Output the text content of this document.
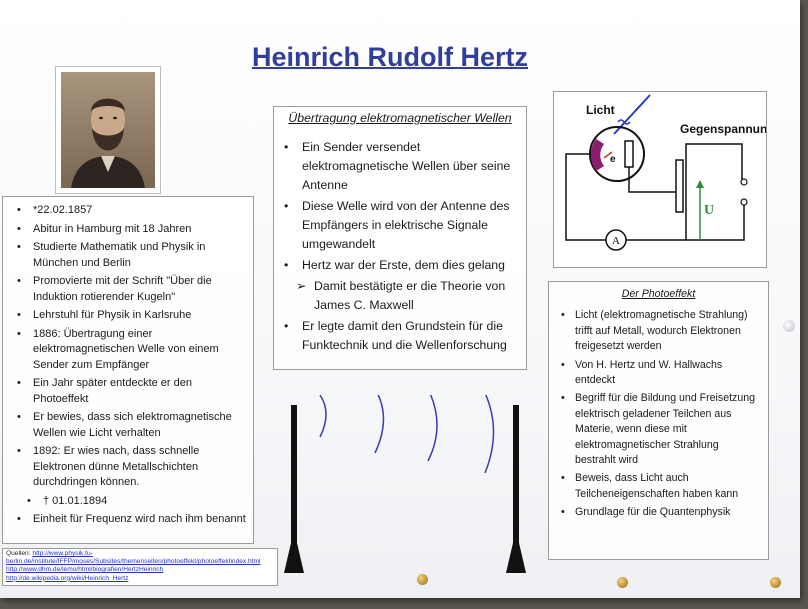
Heinrich Rudolf Hertz
• *22.02.1857
• Abitur in Hamburg mit 18 Jahren
• Studierte Mathematik und Physik in München und Berlin
• Promovierte mit der Schrift "Über die Induktion rotierender Kugeln"
• Lehrstuhl für Physik in Karlsruhe
• 1886: Übertragung einer elektromagnetischen Welle von einem Sender zum Empfänger
• Ein Jahr später entdeckte er den Photoeffekt
• Er bewies, dass sich elektromagnetische Wellen wie Licht verhalten
• 1892: Er wies nach, dass schnelle Elektronen dünne Metallschichten durchdringen können.
• † 01.01.1894
• Einheit für Frequenz wird nach ihm benannt
Übertragung elektromagnetischer Wellen
• Ein Sender versendet elektromagnetische Wellen über seine Antenne
• Diese Welle wird von der Antenne des Empfängers in elektrische Signale umgewandelt
• Hertz war der Erste, dem dies gelang
➢ Damit bestätigte er die Theorie von James C. Maxwell
• Er legte damit den Grundstein für die Funktechnik und die Wellenforschung
Licht
Gegenspannun
e
A
U
Der Photoeffekt
• Licht (elektromagnetische Strahlung) trifft auf Metall, wodurch Elektronen freigesetzt werden
• Von H. Hertz und W. Hallwachs entdeckt
• Begriff für die Bildung und Freisetzung elektrisch geladener Teilchen aus Materie, wenn diese mit elektromagnetischer Strahlung bestrahlt wird
• Beweis, dass Licht auch Teilcheneigenschaften haben kann
• Grundlage für die Quantenphysik
Quellen: http://www.physik.tu-berlin.de/institute/IFFP/moses/Subsites/themenseiten/photoeffekt/photoeffektindex.html
http://www.dhm.de/lemo/html/biografien/HertzHeinrich
http://de.wikipedia.org/wiki/Heinrich_Hertz
